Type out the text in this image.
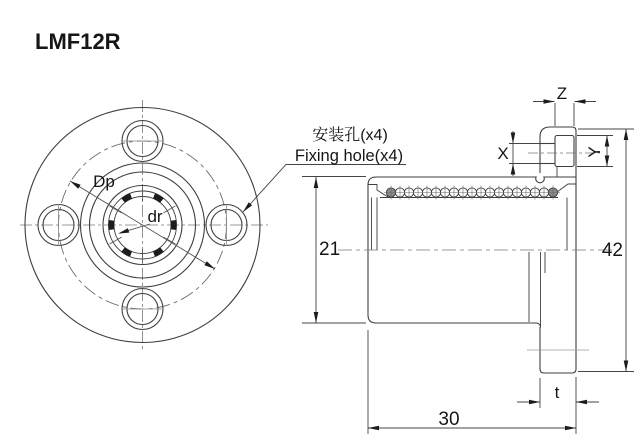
LMF12R
Dp
dr
21	42
30
t
X	Y
Z
安装孔(x4)
Fixing hole(x4)
